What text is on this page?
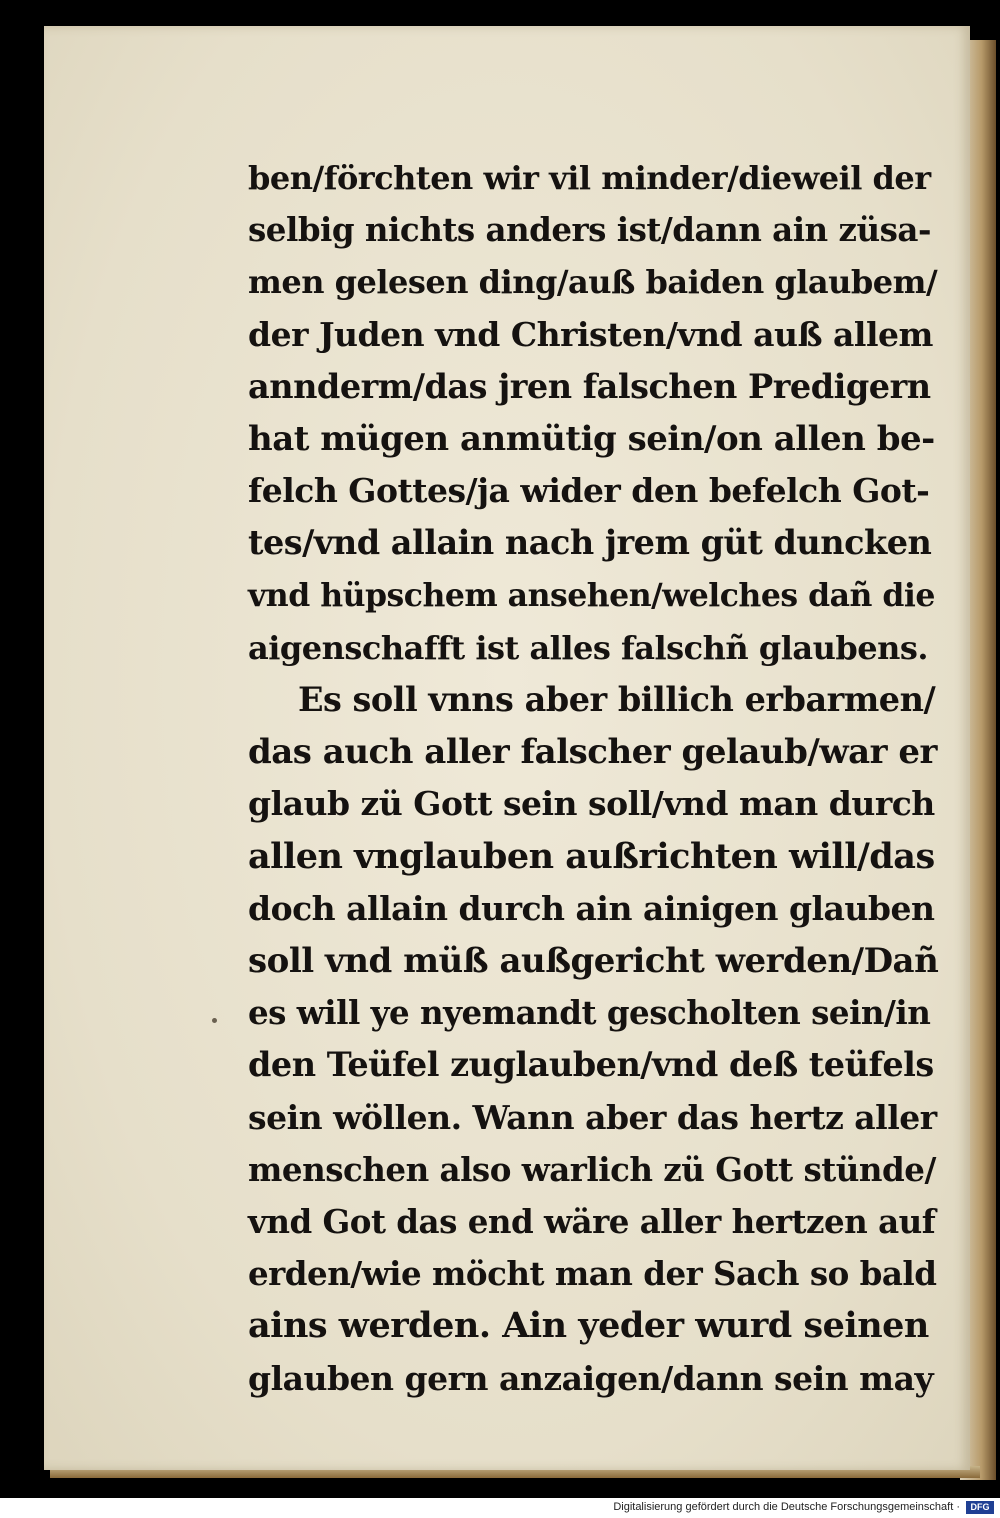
ben/förchten wir vil minder/dieweil der
selbig nichts anders ist/dann ain züsa-
men gelesen ding/auß baiden glaubem/
der Juden vnd Christen/vnd auß allem
annderm/das jren falschen Predigern
hat mügen anmütig sein/on allen be-
felch Gottes/ja wider den befelch Got-
tes/vnd allain nach jrem güt duncken
vnd hüpschem ansehen/welches dañ die
aigenschafft ist alles falschñ glaubens.
Es soll vnns aber billich erbarmen/
das auch aller falscher gelaub/war er
glaub zü Gott sein soll/vnd man durch
allen vnglauben außrichten will/das
doch allain durch ain ainigen glauben
soll vnd müß außgericht werden/Dañ
es will ye nyemandt gescholten sein/in
den Teüfel zuglauben/vnd deß teüfels
sein wöllen. Wann aber das hertz aller
menschen also warlich zü Gott stünde/
vnd Got das end wäre aller hertzen auf
erden/wie möcht man der Sach so bald
ains werden. Ain yeder wurd seinen
glauben gern anzaigen/dann sein may
Digitalisierung gefördert durch die Deutsche Forschungsgemeinschaft ·	DFG
